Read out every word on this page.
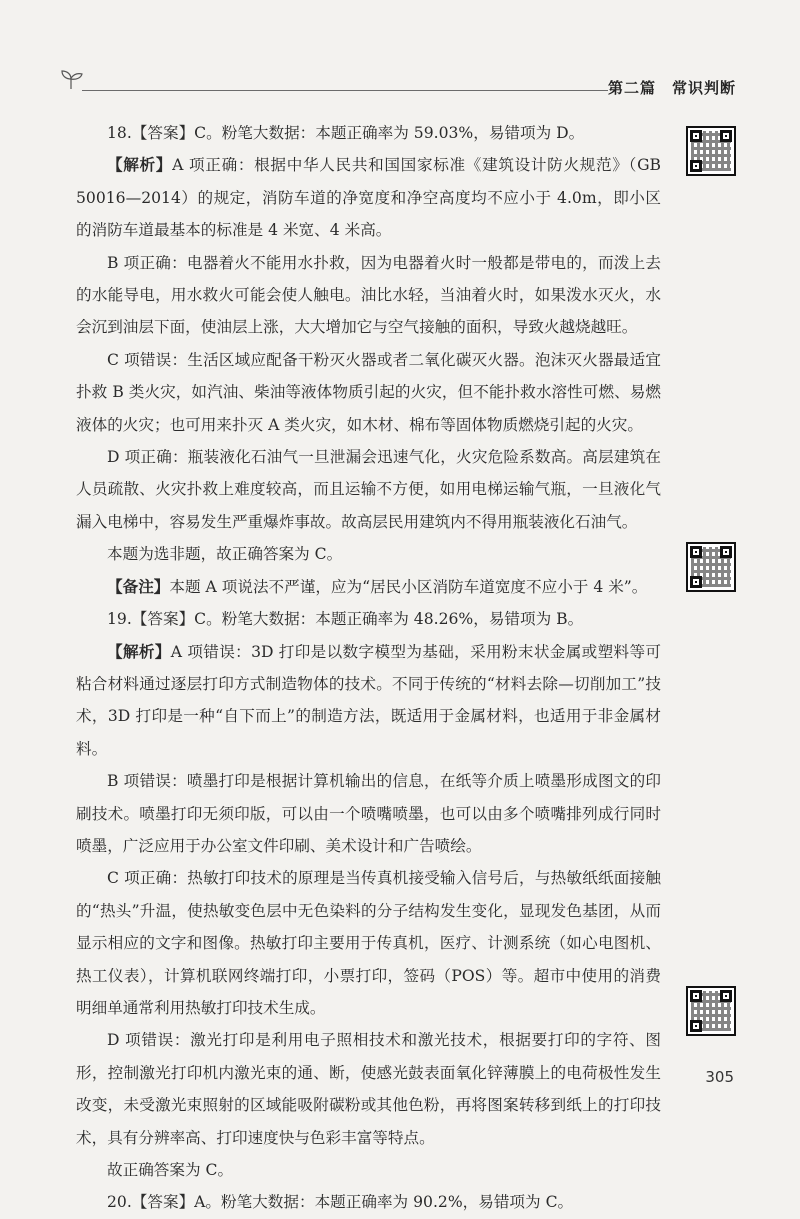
第二篇　常识判断

18.【答案】C。粉笔大数据：本题正确率为 59.03%，易错项为 D。

【解析】A 项正确：根据中华人民共和国国家标准《建筑设计防火规范》（GB 50016—2014）的规定，消防车道的净宽度和净空高度均不应小于 4.0m，即小区的消防车道最基本的标准是 4 米宽、4 米高。

B 项正确：电器着火不能用水扑救，因为电器着火时一般都是带电的，而泼上去的水能导电，用水救火可能会使人触电。油比水轻，当油着火时，如果泼水灭火，水会沉到油层下面，使油层上涨，大大增加它与空气接触的面积，导致火越烧越旺。

C 项错误：生活区域应配备干粉灭火器或者二氧化碳灭火器。泡沫灭火器最适宜扑救 B 类火灾，如汽油、柴油等液体物质引起的火灾，但不能扑救水溶性可燃、易燃液体的火灾；也可用来扑灭 A 类火灾，如木材、棉布等固体物质燃烧引起的火灾。

D 项正确：瓶装液化石油气一旦泄漏会迅速气化，火灾危险系数高。高层建筑在人员疏散、火灾扑救上难度较高，而且运输不方便，如用电梯运输气瓶，一旦液化气漏入电梯中，容易发生严重爆炸事故。故高层民用建筑内不得用瓶装液化石油气。

本题为选非题，故正确答案为 C。

【备注】本题 A 项说法不严谨，应为“居民小区消防车道宽度不应小于 4 米”。

19.【答案】C。粉笔大数据：本题正确率为 48.26%，易错项为 B。

【解析】A 项错误：3D 打印是以数字模型为基础，采用粉末状金属或塑料等可粘合材料通过逐层打印方式制造物体的技术。不同于传统的“材料去除—切削加工”技术，3D 打印是一种“自下而上”的制造方法，既适用于金属材料，也适用于非金属材料。

B 项错误：喷墨打印是根据计算机输出的信息，在纸等介质上喷墨形成图文的印刷技术。喷墨打印无须印版，可以由一个喷嘴喷墨，也可以由多个喷嘴排列成行同时喷墨，广泛应用于办公室文件印刷、美术设计和广告喷绘。

C 项正确：热敏打印技术的原理是当传真机接受输入信号后，与热敏纸纸面接触的“热头”升温，使热敏变色层中无色染料的分子结构发生变化，显现发色基团，从而显示相应的文字和图像。热敏打印主要用于传真机，医疗、计测系统（如心电图机、热工仪表），计算机联网终端打印，小票打印，签码（POS）等。超市中使用的消费明细单通常利用热敏打印技术生成。

D 项错误：激光打印是利用电子照相技术和激光技术，根据要打印的字符、图形，控制激光打印机内激光束的通、断，使感光鼓表面氧化锌薄膜上的电荷极性发生改变，未受激光束照射的区域能吸附碳粉或其他色粉，再将图案转移到纸上的打印技术，具有分辨率高、打印速度快与色彩丰富等特点。

故正确答案为 C。

20.【答案】A。粉笔大数据：本题正确率为 90.2%，易错项为 C。

305
